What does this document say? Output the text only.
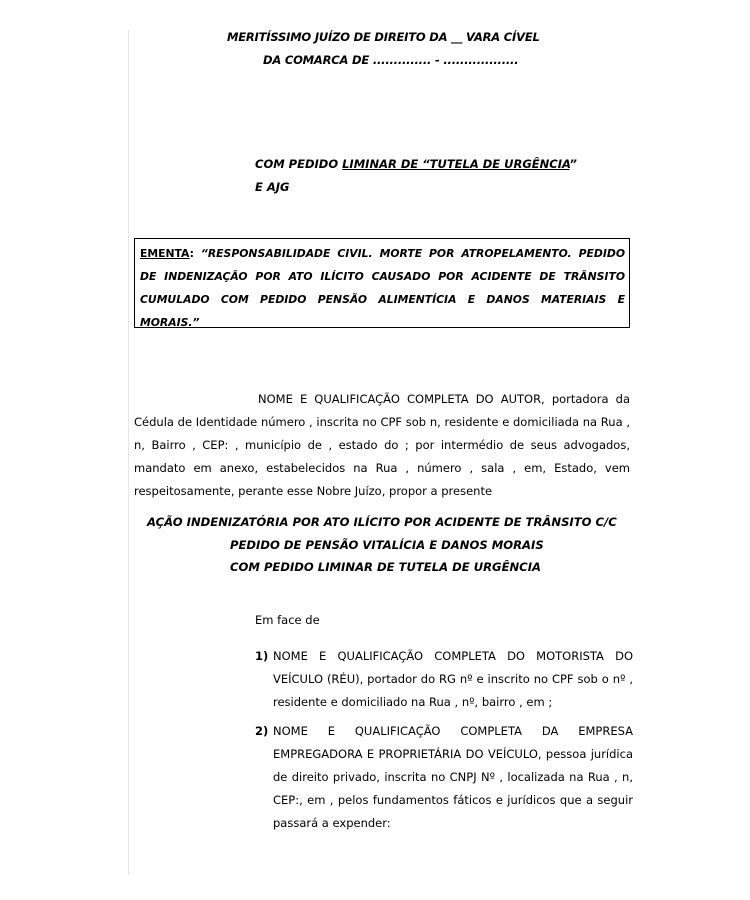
MERITÍSSIMO JUÍZO DE DIREITO DA __ VARA CÍVEL
DA COMARCA DE .............. - ..................
COM PEDIDO LIMINAR DE “TUTELA DE URGÊNCIA”
E AJG

EMENTA: “RESPONSABILIDADE CIVIL. MORTE POR ATROPELAMENTO. PEDIDO DE INDENIZAÇÃO POR ATO ILÍCITO CAUSADO POR ACIDENTE DE TRÂNSITO CUMULADO COM PEDIDO PENSÃO ALIMENTÍCIA E DANOS MATERIAIS E MORAIS.”

NOME E QUALIFICAÇÃO COMPLETA DO AUTOR, portadora da Cédula de Identidade número , inscrita no CPF sob n, residente e domiciliada na Rua , n, Bairro , CEP: , município de , estado do ; por intermédio de seus advogados, mandato em anexo, estabelecidos na Rua , número , sala , em, Estado, vem respeitosamente, perante esse Nobre Juízo, propor a presente

AÇÃO INDENIZATÓRIA POR ATO ILÍCITO POR ACIDENTE DE TRÂNSITO C/C
PEDIDO DE PENSÃO VITALÍCIA E DANOS MORAIS
COM PEDIDO LIMINAR DE TUTELA DE URGÊNCIA
Em face de
1) NOME E QUALIFICAÇÃO COMPLETA DO MOTORISTA DO VEÍCULO (RÉU), portador do RG nº e inscrito no CPF sob o nº , residente e domiciliado na Rua , nº, bairro , em ;
2) NOME E QUALIFICAÇÃO COMPLETA DA EMPRESA EMPREGADORA E PROPRIETÁRIA DO VEÍCULO, pessoa jurídica de direito privado, inscrita no CNPJ Nº , localizada na Rua , n, CEP:, em , pelos fundamentos fáticos e jurídicos que a seguir passará a expender:
